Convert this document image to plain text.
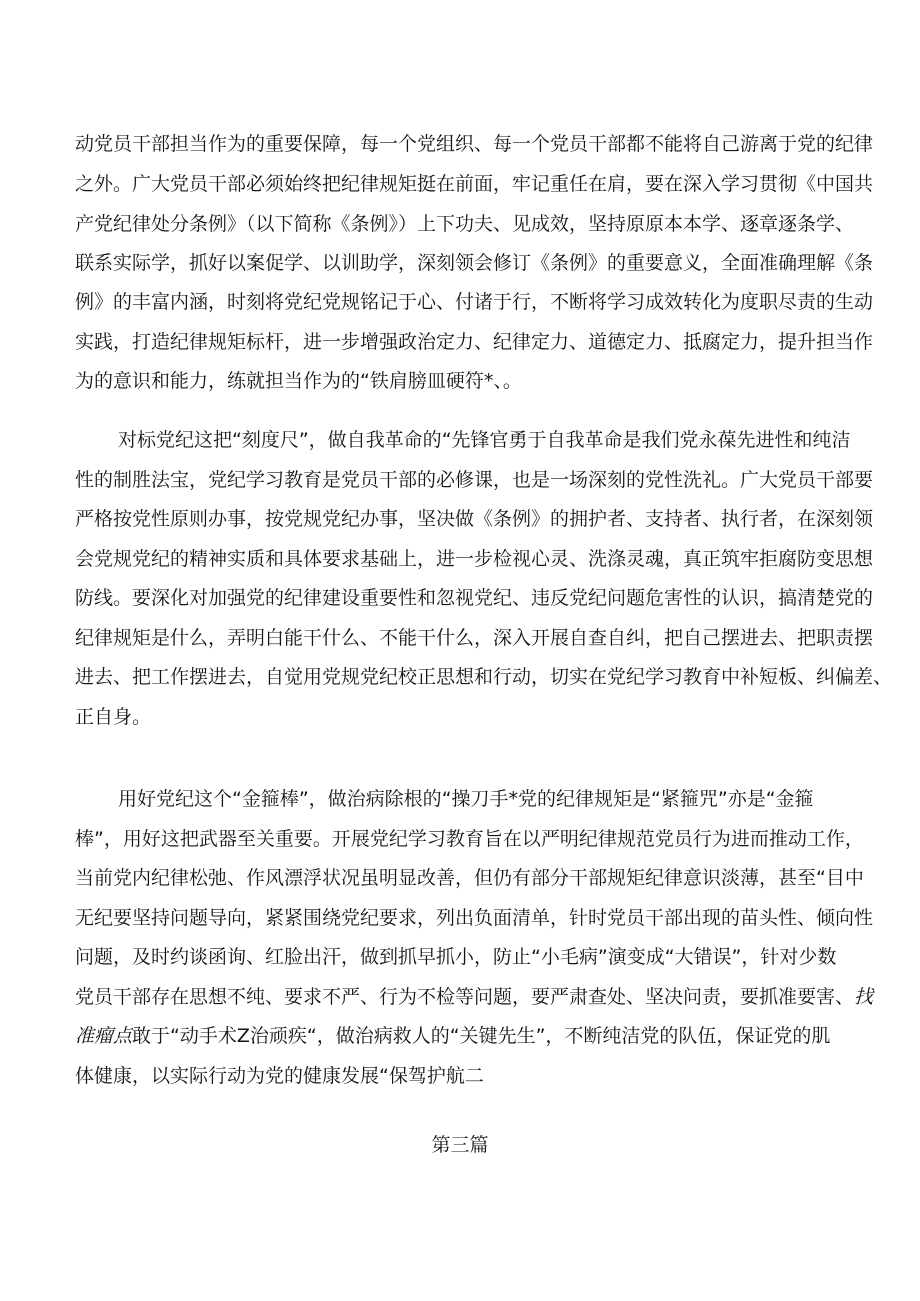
动党员干部担当作为的重要保障，每一个党组织、每一个党员干部都不能将自己游离于党的纪律
之外。广大党员干部必须始终把纪律规矩挺在前面，牢记重任在肩，要在深入学习贯彻《中国共
产党纪律处分条例》（以下简称《条例》）上下功夫、见成效，坚持原原本本学、逐章逐条学、
联系实际学，抓好以案促学、以训助学，深刻领会修订《条例》的重要意义，全面准确理解《条
例》的丰富内涵，时刻将党纪党规铭记于心、付诸于行，不断将学习成效转化为度职尽责的生动
实践，打造纪律规矩标杆，进一步增强政治定力、纪律定力、道德定力、抵腐定力，提升担当作
为的意识和能力，练就担当作为的“铁肩膀皿硬符*、。
对标党纪这把“刻度尺”，做自我革命的“先锋官勇于自我革命是我们党永葆先进性和纯洁
性的制胜法宝，党纪学习教育是党员干部的必修课，也是一场深刻的党性洗礼。广大党员干部要
严格按党性原则办事，按党规党纪办事，坚决做《条例》的拥护者、支持者、执行者，在深刻领
会党规党纪的精神实质和具体要求基础上，进一步检视心灵、洗涤灵魂，真正筑牢拒腐防变思想
防线。要深化对加强党的纪律建设重要性和忽视党纪、违反党纪问题危害性的认识，搞清楚党的
纪律规矩是什么，弄明白能干什么、不能干什么，深入开展自查自纠，把自己摆进去、把职责摆
进去、把工作摆进去，自觉用党规党纪校正思想和行动，切实在党纪学习教育中补短板、纠偏差、
正自身。
用好党纪这个“金箍棒”，做治病除根的“操刀手*党的纪律规矩是“紧箍咒”亦是“金箍
棒”，用好这把武器至关重要。开展党纪学习教育旨在以严明纪律规范党员行为进而推动工作，
当前党内纪律松弛、作风漂浮状况虽明显改善，但仍有部分干部规矩纪律意识淡薄，甚至“目中
无纪要坚持问题导向，紧紧围绕党纪要求，列出负面清单，针时党员干部出现的苗头性、倾向性
问题，及时约谈函询、红脸出汗，做到抓早抓小，防止“小毛病”演变成“大错误”，针对少数
党员干部存在思想不纯、要求不严、行为不检等问题，要严肃查处、坚决问责，要抓准要害、找
准瘤点敢于“动手术Z治顽疾“，做治病救人的“关键先生”，不断纯洁党的队伍，保证党的肌
体健康，以实际行动为党的健康发展“保驾护航二
第三篇
